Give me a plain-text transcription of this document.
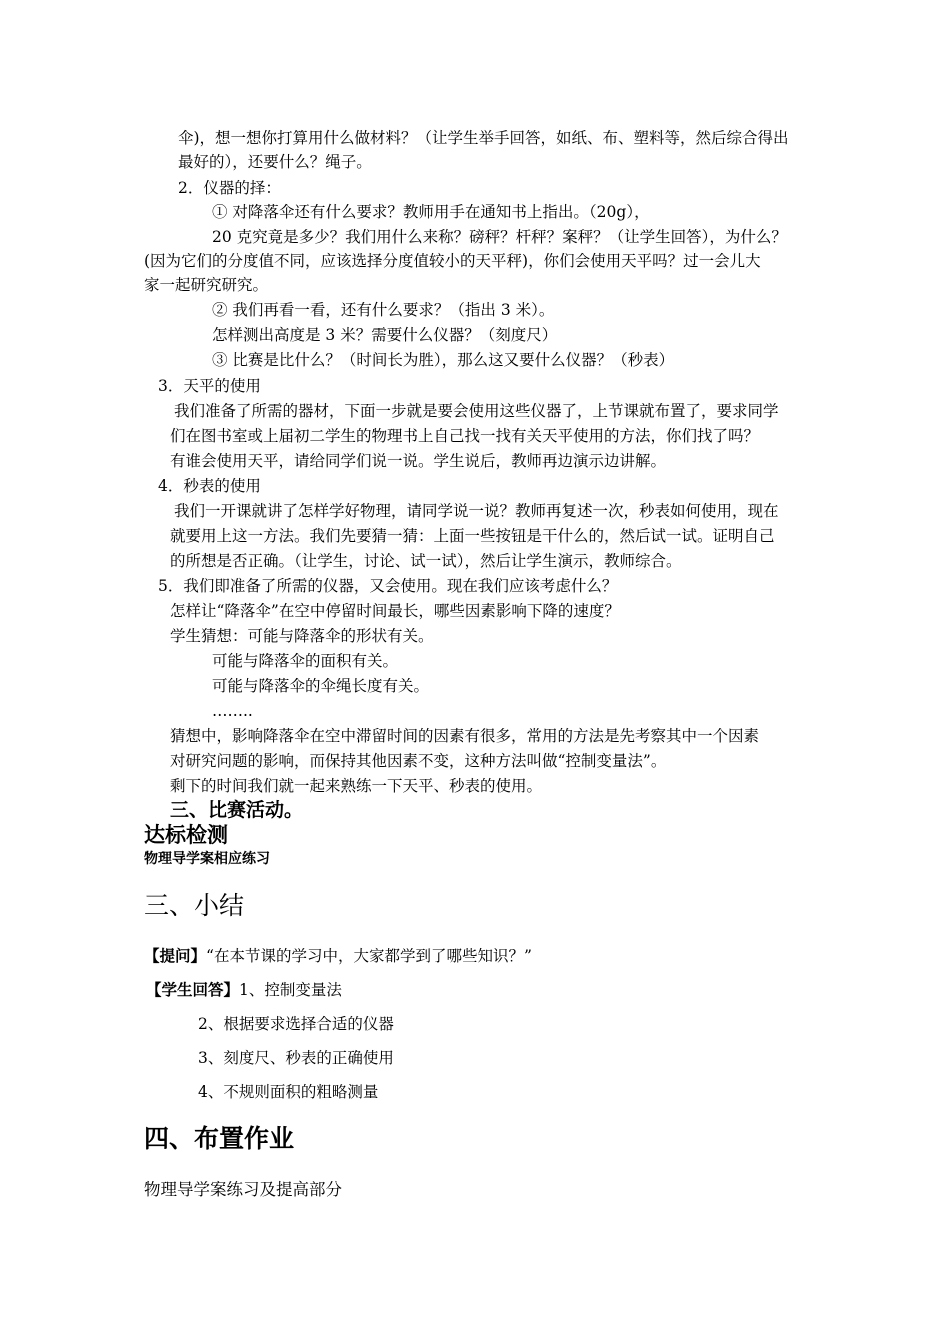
伞)，想一想你打算用什么做材料？（让学生举手回答，如纸、布、塑料等，然后综合得出
最好的），还要什么？绳子。
2．仪器的择：
① 对降落伞还有什么要求？教师用手在通知书上指出。（20g），
20 克究竟是多少？我们用什么来称？磅秤？杆秤？案秤？（让学生回答），为什么？
(因为它们的分度值不同，应该选择分度值较小的天平秤)，你们会使用天平吗？过一会儿大
家一起研究研究。
② 我们再看一看，还有什么要求？（指出 3 米）。
怎样测出高度是 3 米？需要什么仪器？（刻度尺）
③ 比赛是比什么？（时间长为胜），那么这又要什么仪器？（秒表）
3．天平的使用
我们准备了所需的器材，下面一步就是要会使用这些仪器了，上节课就布置了，要求同学
们在图书室或上届初二学生的物理书上自己找一找有关天平使用的方法，你们找了吗？
有谁会使用天平，请给同学们说一说。学生说后，教师再边演示边讲解。
4．秒表的使用
我们一开课就讲了怎样学好物理，请同学说一说？教师再复述一次，秒表如何使用，现在
就要用上这一方法。我们先要猜一猜：上面一些按钮是干什么的，然后试一试。证明自己
的所想是否正确。（让学生，讨论、试一试），然后让学生演示，教师综合。
5．我们即准备了所需的仪器，又会使用。现在我们应该考虑什么？
怎样让“降落伞”在空中停留时间最长，哪些因素影响下降的速度？
学生猜想：可能与降落伞的形状有关。
可能与降落伞的面积有关。
可能与降落伞的伞绳长度有关。
……..
猜想中，影响降落伞在空中滞留时间的因素有很多，常用的方法是先考察其中一个因素
对研究问题的影响，而保持其他因素不变，这种方法叫做“控制变量法”。
剩下的时间我们就一起来熟练一下天平、秒表的使用。
三、比赛活动。
达标检测
物理导学案相应练习
三、小结
【提问】“在本节课的学习中，大家都学到了哪些知识？”
【学生回答】1、控制变量法
2、根据要求选择合适的仪器
3、刻度尺、秒表的正确使用
4、不规则面积的粗略测量
四、布置作业
物理导学案练习及提高部分
